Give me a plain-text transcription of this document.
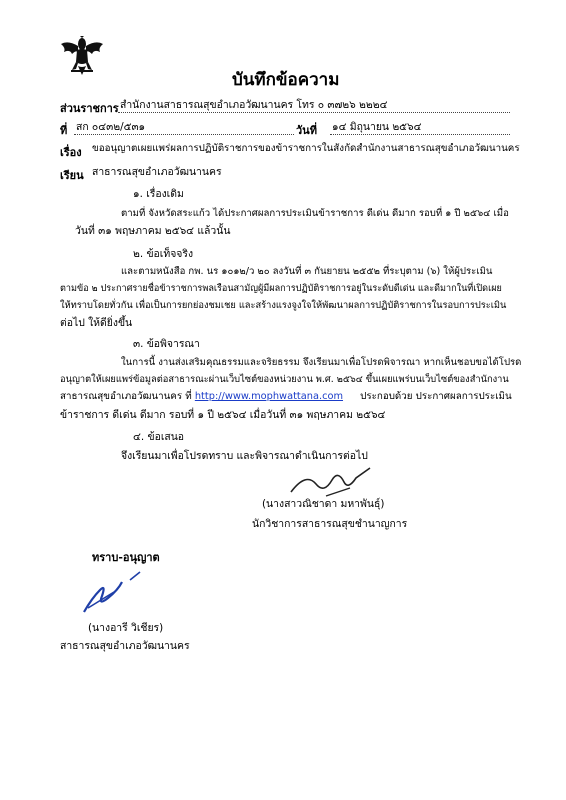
บันทึกข้อความ
ส่วนราชการ สำนักงานสาธารณสุขอำเภอวัฒนานคร โทร ๐ ๓๗๒๖ ๒๒๒๔
ที่ สก ๐๔๓๒/๕๓๑	วันที่ ๑๔ มิถุนายน ๒๕๖๔
เรื่อง ขออนุญาตเผยแพร่ผลการปฏิบัติราชการของข้าราชการในสังกัดสำนักงานสาธารณสุขอำเภอวัฒนานคร
เรียน สาธารณสุขอำเภอวัฒนานคร
๑. เรื่องเดิม
ตามที่ จังหวัดสระแก้ว ได้ประกาศผลการประเมินข้าราชการ ดีเด่น ดีมาก รอบที่ ๑ ปี ๒๕๖๔ เมื่อ
วันที่ ๓๑ พฤษภาคม ๒๕๖๔ แล้วนั้น
๒. ข้อเท็จจริง
และตามหนังสือ กพ. นร ๑๐๑๒/ว ๒๐ ลงวันที่ ๓ กันยายน ๒๕๕๒ ที่ระบุตาม (๖) ให้ผู้ประเมิน
ตามข้อ ๒ ประกาศรายชื่อข้าราชการพลเรือนสามัญผู้มีผลการปฏิบัติราชการอยู่ในระดับดีเด่น และดีมากในที่เปิดเผย
ให้ทราบโดยทั่วกัน เพื่อเป็นการยกย่องชมเชย และสร้างแรงจูงใจให้พัฒนาผลการปฏิบัติราชการในรอบการประเมิน
ต่อไป ให้ดียิ่งขึ้น
๓. ข้อพิจารณา
ในการนี้ งานส่งเสริมคุณธรรมและจริยธรรม จึงเรียนมาเพื่อโปรดพิจารณา หากเห็นชอบขอได้โปรด
อนุญาตให้เผยแพร่ข้อมูลต่อสาธารณะผ่านเว็บไซต์ของหน่วยงาน พ.ศ. ๒๕๖๔ ขึ้นเผยแพร่บนเว็บไซต์ของสำนักงาน
สาธารณสุขอำเภอวัฒนานคร ที่ http://www.mophwattana.com ประกอบด้วย ประกาศผลการประเมิน
ข้าราชการ ดีเด่น ดีมาก รอบที่ ๑ ปี ๒๕๖๔ เมื่อวันที่ ๓๑ พฤษภาคม ๒๕๖๔
๔. ข้อเสนอ
จึงเรียนมาเพื่อโปรดทราบ และพิจารณาดำเนินการต่อไป
(นางสาวณิชาดา มหาพันธุ์)
นักวิชาการสาธารณสุขชำนาญการ
ทราบ-อนุญาต
(นางอารี วิเชียร)
สาธารณสุขอำเภอวัฒนานคร
